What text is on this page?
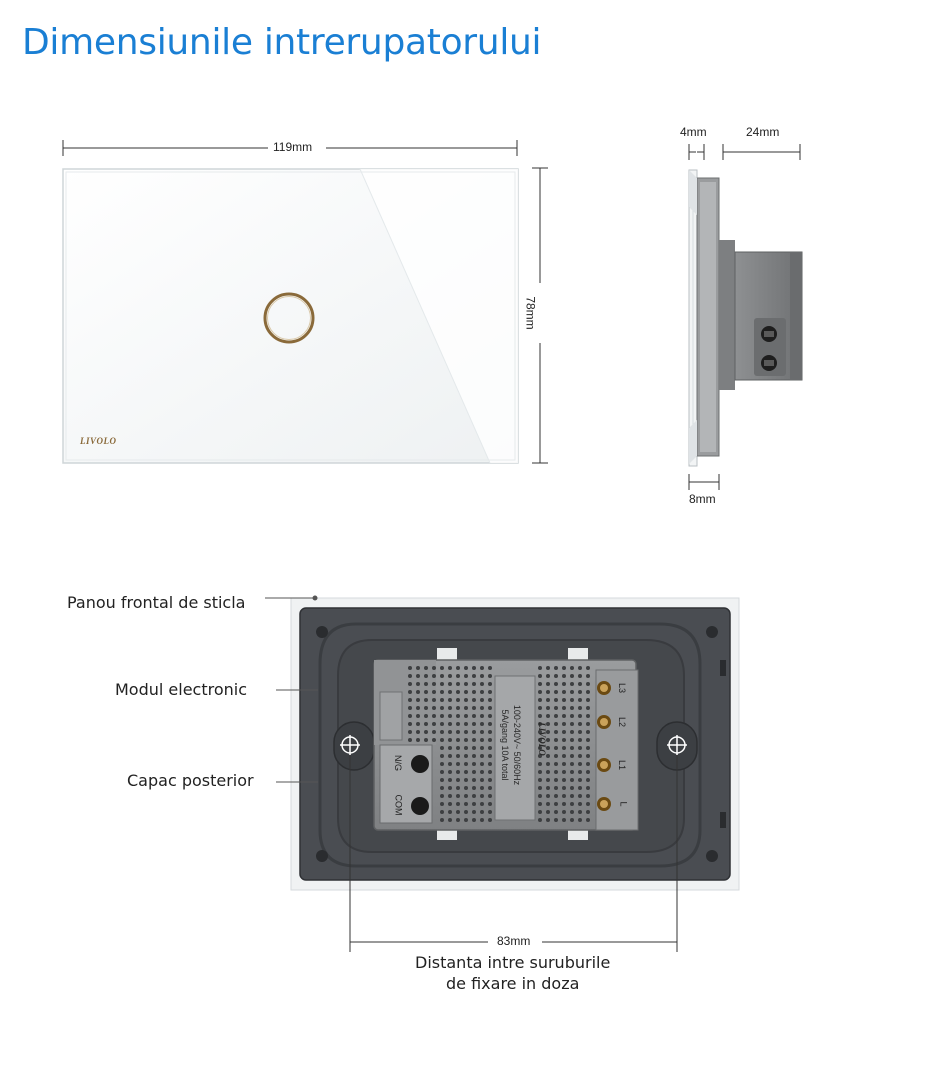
Dimensiunile intrerupatorului
119mm
78mm
LIVOLO
4mm	24mm
8mm
Panou frontal de sticla
Modul electronic
Capac posterior	100-240V~ 50/60Hz
5A/gang 10A total	LIVOLO
N/G
COM
L3
L2
L1
L
83mm
Distanta intre suruburile
de fixare in doza
